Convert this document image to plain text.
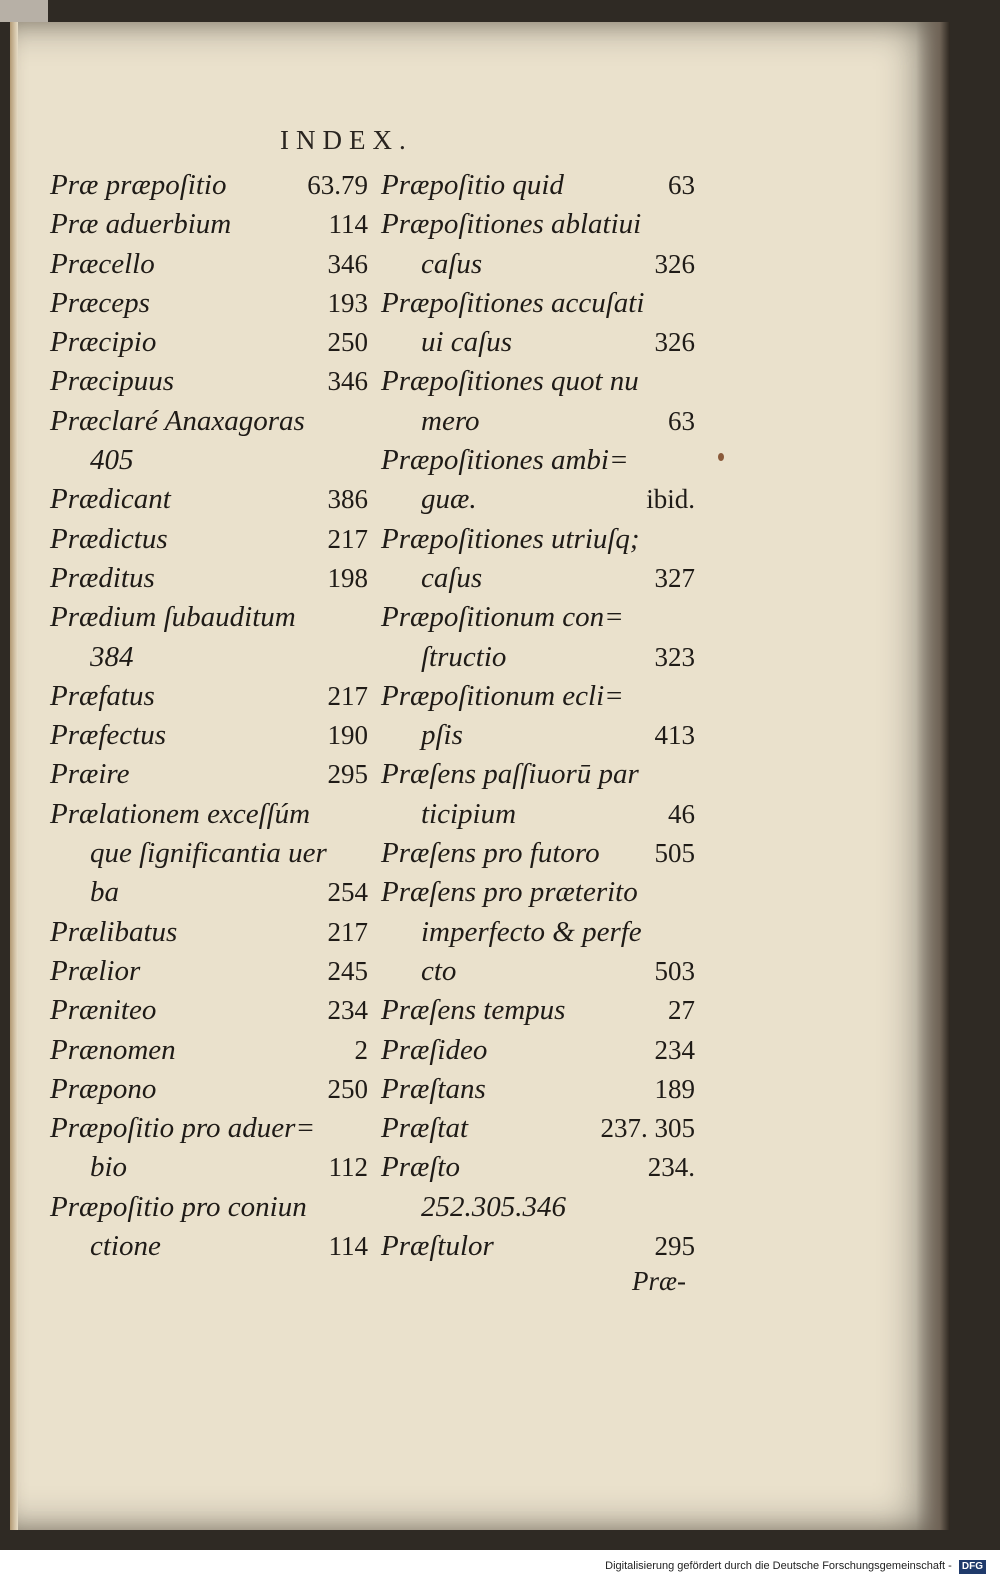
INDEX.
Præ præpoſitio	63.79
Præ aduerbium	114
Præcello	346
Præceps	193
Præcipio	250
Præcipuus	346
Præclaré Anaxagoras
405
Prædicant	386
Prædictus	217
Præditus	198
Prædium ſubauditum
384
Præfatus	217
Præfectus	190
Præire	295
Prælationem exceſſúm
que ſignificantia uer
ba	254
Prælibatus	217
Prælior	245
Præniteo	234
Prænomen	2
Præpono	250
Præpoſitio pro aduer=
bio	112
Præpoſitio pro coniun
ctione	114
Præpoſitio quid	63
Præpoſitiones ablatiui
caſus	326
Præpoſitiones accuſati
ui caſus	326
Præpoſitiones quot nu
mero	63
Præpoſitiones ambi=
guæ.	ibid.
Præpoſitiones utriuſq;
caſus	327
Præpoſitionum con=
ſtructio	323
Præpoſitionum ecli=
pſis	413
Præſens paſſiuorū par
ticipium	46
Præſens pro futoro 505
Præſens pro præterito
imperfecto & perfe
cto	503
Præſens tempus	27
Præſideo	234
Præſtans	189
Præſtat	237. 305
Præſto	234.
252.305.346
Præſtulor	295
Præ-
Digitalisierung gefördert durch die Deutsche Forschungsgemeinschaft - DFG
